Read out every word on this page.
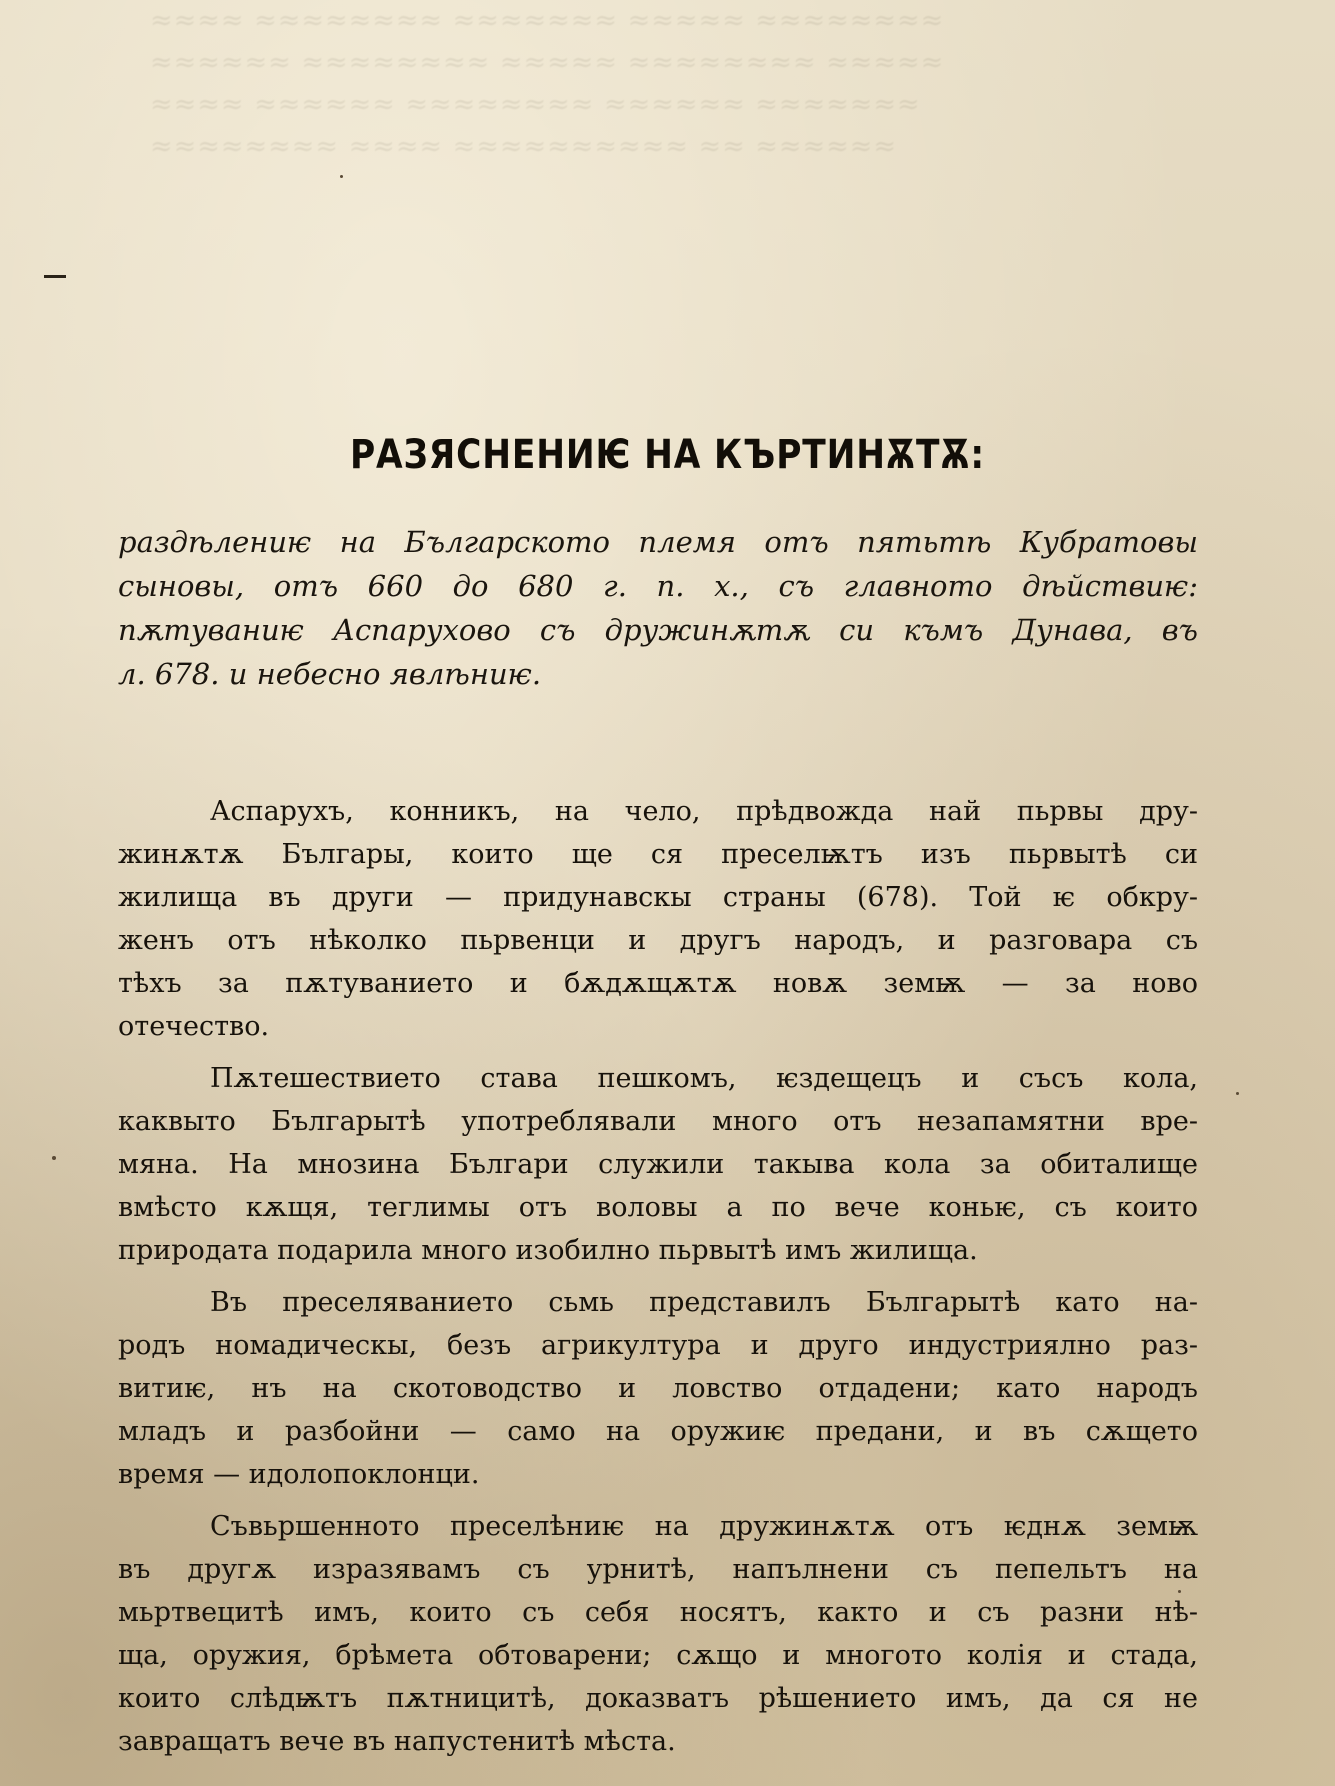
≈≈≈≈ ≈≈≈≈≈≈≈≈ ≈≈≈≈≈≈≈ ≈≈≈≈≈ ≈≈≈≈≈≈≈≈
≈≈≈≈≈≈ ≈≈≈≈≈≈≈≈ ≈≈≈≈≈ ≈≈≈≈≈≈≈≈ ≈≈≈≈≈
≈≈≈≈ ≈≈≈≈≈≈ ≈≈≈≈≈≈≈≈ ≈≈≈≈≈≈ ≈≈≈≈≈≈≈
≈≈≈≈≈≈≈≈ ≈≈≈≈ ≈≈≈≈≈≈≈≈≈≈ ≈≈ ≈≈≈≈≈≈
РАЗЯСНЕНИѤ НА КЪРТИНѪТѪ:
раздѣлениѥ на Българското племя отъ пятьтѣ Кубратовы
сыновы, отъ 660 до 680 г. п. х., съ главното дѣйствиѥ:
пѫтуваниѥ Аспарухово съ дружинѫтѫ си къмъ Дунава, въ
л. 678. и небесно явлѣниѥ.
Аспарухъ, конникъ, на чело, прѣдвожда най пьрвы дру-
жинѫтѫ Българы, които ще ся преселѭтъ изъ пьрвытѣ си
жилища въ други — придунавскы страны (678). Той ѥ обкру-
женъ отъ нѣколко пьрвенци и другъ народъ, и разговара съ
тѣхъ за пѫтуванието и бѫдѫщѫтѫ новѫ земѭ — за ново
отечество.
Пѫтешествието става пешкомъ, ѥздещецъ и съсъ кола,
каквыто Българытѣ употреблявали много отъ незапамятни вре-
мяна. На мнозина Българи служили такыва кола за обиталище
вмѣсто кѫщя, теглимы отъ воловы а по вече коньѥ, съ които
природата подарила много изобилно пьрвытѣ имъ жилища.
Въ преселяванието сьмь представилъ Българытѣ като на-
родъ номадическы, безъ агрикултура и друго индустриялно раз-
витиѥ, нъ на скотоводство и ловство отдадени; като народъ
младъ и разбойни — само на оружиѥ предани, и въ сѫщето
время — идолопоклонци.
Съвьршенното преселѣниѥ на дружинѫтѫ отъ ѥднѫ земѭ
въ другѫ изразявамъ съ урнитѣ, напълнени съ пепельтъ на
мьртвецитѣ имъ, които съ себя носятъ, както и съ разни нѣ-
ща, оружия, брѣмета обтоварени; сѫщо и многото колія и стада,
които слѣдѭтъ пѫтницитѣ, доказватъ рѣшението имъ, да ся не
завращатъ вече въ напустенитѣ мѣста.
